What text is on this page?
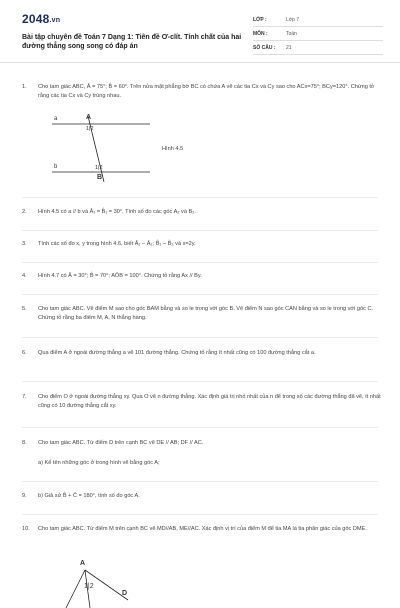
2048.vn
Bài tập chuyên đề Toán 7 Dạng 1: Tiên đề Ơ-clít. Tính chất của hai đường thẳng song song có đáp án
LỚP :	Lớp 7
MÔN :	Toán
SỐ CÂU : 21
1.	Cho tam giác ABC, Â = 75°; B̂ = 60°. Trên nửa mặt phẳng bờ BC có chứa A vẽ các tia Cx và Cy sao cho ACx=75°; BCy=120°. Chứng tỏ rằng các tia Cx và Cy trùng nhau.
a
b
A
1|2
1|2
B
Hình 4.5
2.	Hình 4.5 có a // b và Â₁ = B̂₁ = 30°. Tính số đo các góc A₂ và B₂.
3.	Tính các số đo x, y trong hình 4.6, biết Â₁ − Â₂; B̂₁ − B̂₂ và x=2y.
4.	Hình 4.7 có Â = 30°; B̂ = 70°; AÔB = 100°. Chứng tỏ rằng Ax // By.
5.	Cho tam giác ABC. Vẽ điểm M sao cho góc BAM bằng và so le trong với góc B. Vẽ điểm N sao góc CAN bằng và so le trong với góc C. Chứng tỏ rằng ba điểm M, A, N thẳng hàng.
6.	Qua điểm A ở ngoài đường thẳng a vẽ 101 đường thẳng. Chứng tỏ rằng ít nhất cũng có 100 đường thẳng cắt a.
7.	Cho điểm O ở ngoài đường thẳng xy. Qua O vẽ n đường thẳng. Xác định giá trị nhỏ nhất của n để trong số các đường thẳng đã vẽ, ít nhất cũng có 10 đường thẳng cắt xy.
8.	Cho tam giác ABC. Từ điểm D trên cạnh BC vẽ DE // AB; DF // AC.
a) Kể tên những góc ở trong hình vẽ bằng góc A;
9.	b) Giả sử B̂ + Ĉ = 180°, tính số đo góc A.
10.	Cho tam giác ABC. Từ điểm M trên cạnh BC vẽ MD//AB, ME//AC. Xác định vị trí của điểm M để tia MA là tia phân giác của góc DME.
A
1|2
D
